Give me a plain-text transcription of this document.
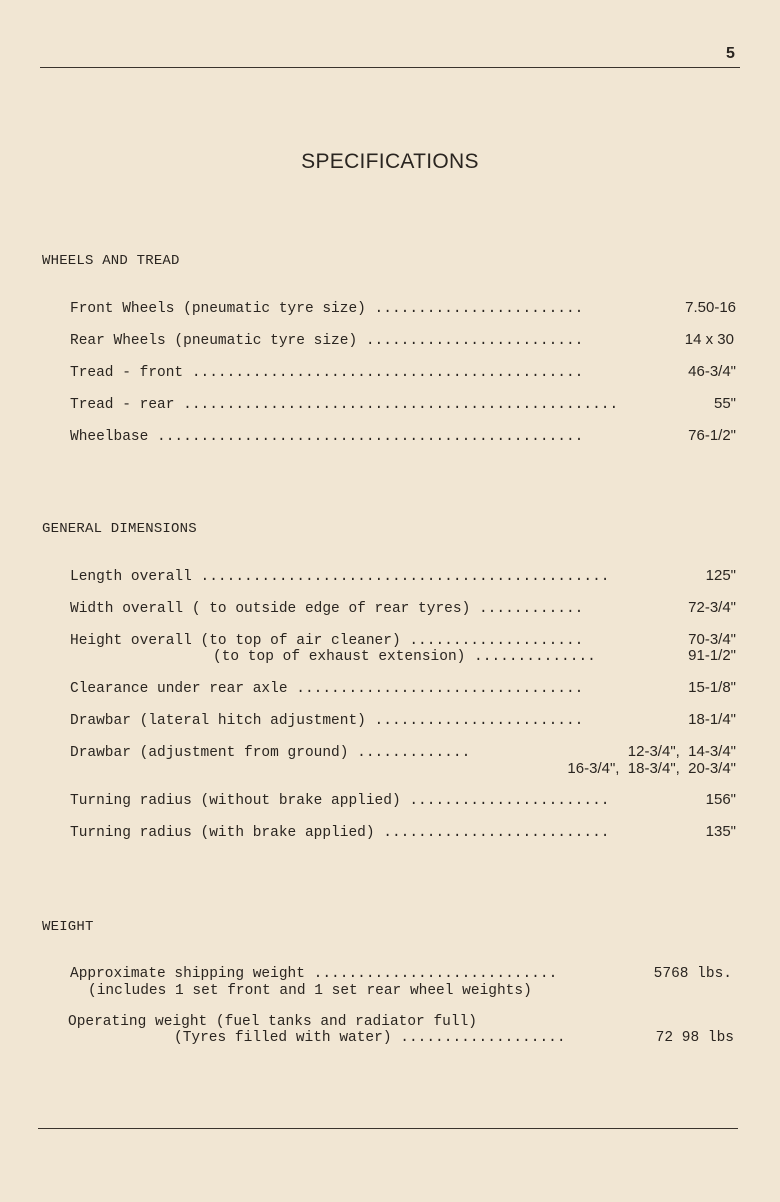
5
SPECIFICATIONS
WHEELS AND TREAD
Front Wheels (pneumatic tyre size) ........................	7.50-16
Rear Wheels (pneumatic tyre size) .........................	14 x 30
Tread - front .............................................	46-3/4"
Tread - rear ..................................................	55"
Wheelbase .................................................	76-1/2"
GENERAL DIMENSIONS
Length overall ...............................................	125"
Width overall ( to outside edge of rear tyres) ............	72-3/4"
Height overall (to top of air cleaner) ....................	70-3/4"
(to top of exhaust extension) ..............	91-1/2"
Clearance under rear axle .................................	15-1/8"
Drawbar (lateral hitch adjustment) ........................	18-1/4"
Drawbar (adjustment from ground) .............	12-3/4",  14-3/4"
16-3/4",  18-3/4",  20-3/4"
Turning radius (without brake applied) .......................	156"
Turning radius (with brake applied) ..........................	135"
WEIGHT
Approximate shipping weight ............................	5768 lbs.
(includes 1 set front and 1 set rear wheel weights)
Operating weight (fuel tanks and radiator full)
(Tyres filled with water) ...................	72 98 lbs
